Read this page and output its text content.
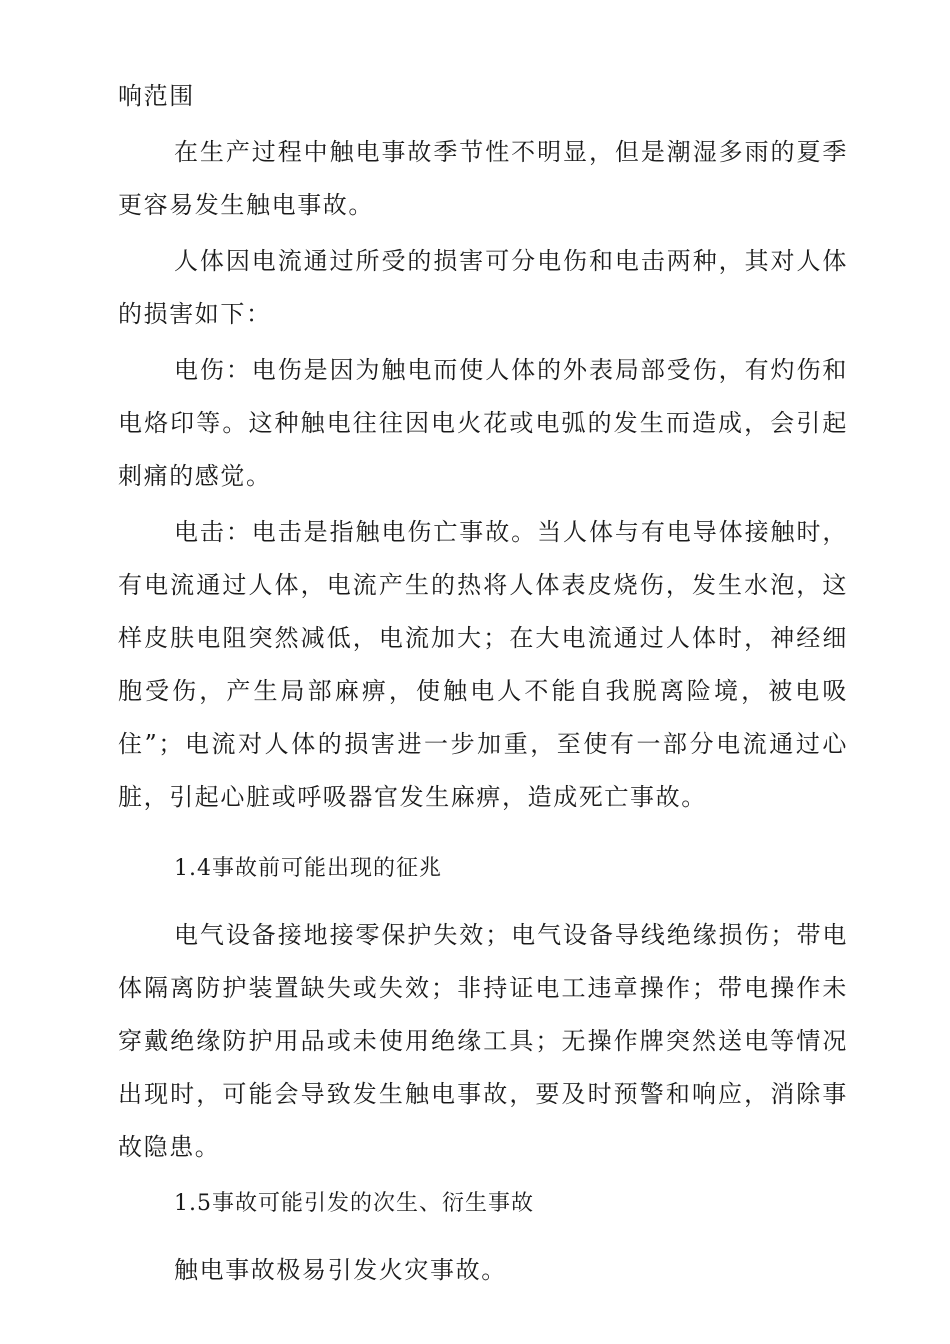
响范围

在生产过程中触电事故季节性不明显，但是潮湿多雨的夏季更容易发生触电事故。

人体因电流通过所受的损害可分电伤和电击两种，其对人体的损害如下：

电伤：电伤是因为触电而使人体的外表局部受伤，有灼伤和电烙印等。这种触电往往因电火花或电弧的发生而造成，会引起刺痛的感觉。

电击：电击是指触电伤亡事故。当人体与有电导体接触时，有电流通过人体，电流产生的热将人体表皮烧伤，发生水泡，这样皮肤电阻突然减低，电流加大；在大电流通过人体时，神经细胞受伤，产生局部麻痹，使触电人不能自我脱离险境，被电吸住”；电流对人体的损害进一步加重，至使有一部分电流通过心脏，引起心脏或呼吸器官发生麻痹，造成死亡事故。

1.4事故前可能出现的征兆

电气设备接地接零保护失效；电气设备导线绝缘损伤；带电体隔离防护装置缺失或失效；非持证电工违章操作；带电操作未穿戴绝缘防护用品或未使用绝缘工具；无操作牌突然送电等情况出现时，可能会导致发生触电事故，要及时预警和响应，消除事故隐患。

1.5事故可能引发的次生、衍生事故

触电事故极易引发火灾事故。
